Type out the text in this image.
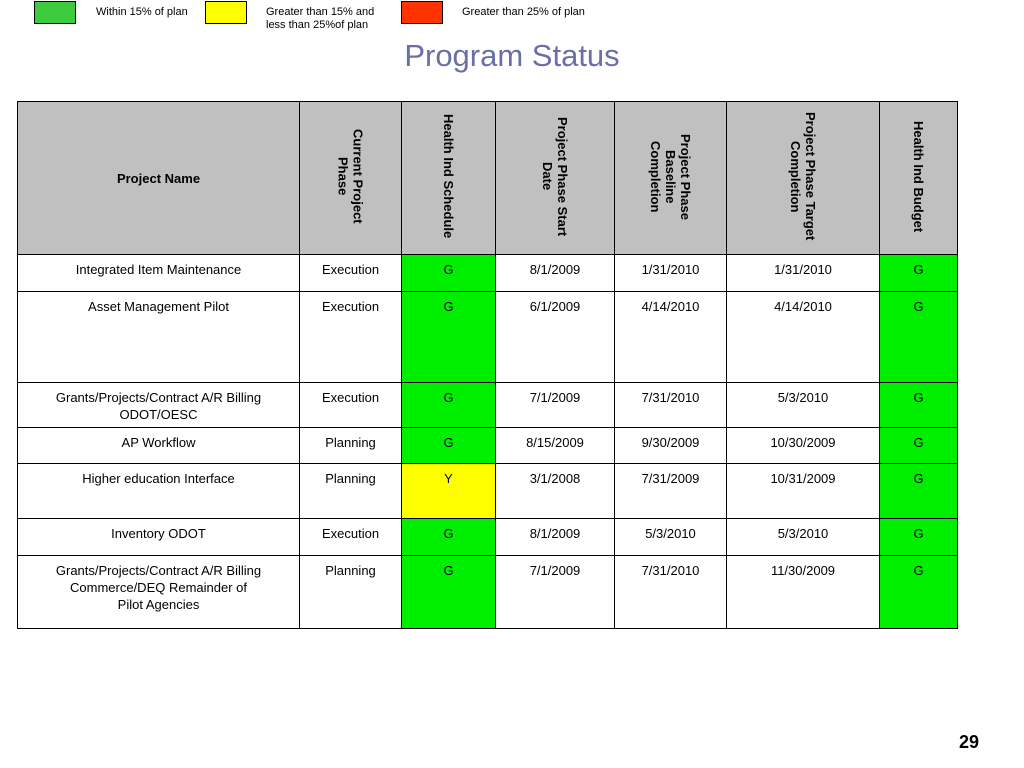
Within 15% of plan	Greater than 15% and
less than 25%of plan
Greater than 25% of plan
Program Status
Project Name	Current Project
Phase	Health Ind Schedule	Project Phase Start
Date	Project Phase
Baseline
Completion	Project Phase Target
Completion	Health Ind Budget
Integrated Item Maintenance	Execution	G	8/1/2009	1/31/2010	1/31/2010	G
Asset Management Pilot	Execution	G	6/1/2009	4/14/2010	4/14/2010	G
Grants/Projects/Contract A/R Billing
ODOT/OESC	Execution	G	7/1/2009	7/31/2010	5/3/2010	G
AP Workflow	Planning	G	8/15/2009	9/30/2009	10/30/2009	G
Higher education Interface	Planning	Y	3/1/2008	7/31/2009	10/31/2009	G
Inventory ODOT	Execution	G	8/1/2009	5/3/2010	5/3/2010	G
Grants/Projects/Contract A/R Billing
Commerce/DEQ Remainder of
Pilot Agencies	Planning	G	7/1/2009	7/31/2010	11/30/2009	G
29
